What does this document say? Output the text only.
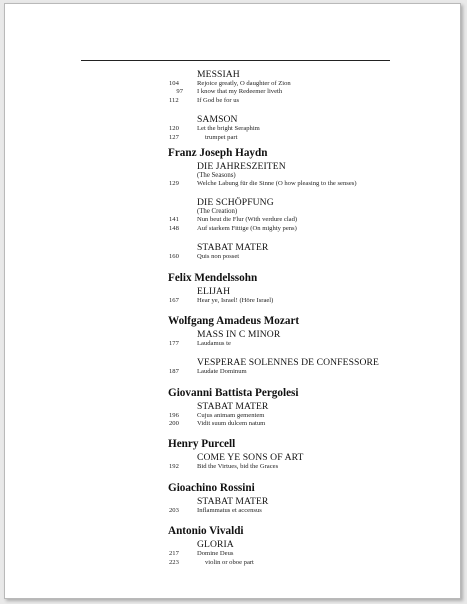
MESSIAH
104	Rejoice greatly, O daughter of Zion
97 I know that my Redeemer liveth
112	If God be for us
SAMSON
120	Let the bright Seraphim
127	trumpet part
Franz Joseph Haydn
DIE JAHRESZEITEN
(The Seasons)
129	Welche Labung für die Sinne (O how pleasing to the senses)
DIE SCHÖPFUNG
(The Creation)
141	Nun beut die Flur (With verdure clad)
148	Auf starkem Fittige (On mighty pens)
STABAT MATER
160	Quis non posset
Felix Mendelssohn
ELIJAH
167	Hear ye, Israel! (Höre Israel)
Wolfgang Amadeus Mozart
MASS IN C MINOR
177	Laudamus te
VESPERAE SOLENNES DE CONFESSORE
187	Laudate Dominum
Giovanni Battista Pergolesi
STABAT MATER
196	Cujus animam gementem
200	Vidit suum dulcem natum
Henry Purcell
COME YE SONS OF ART
192	Bid the Virtues, bid the Graces
Gioachino Rossini
STABAT MATER
203	Inflammatus et accensus
Antonio Vivaldi
GLORIA
217	Domine Deus
223	violin or oboe part
